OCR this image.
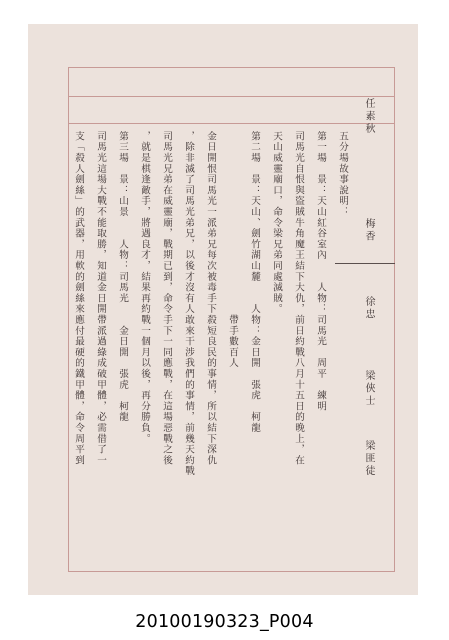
任素秋
梅香
徐忠
梁俠士
梁匪徒
五分場故事說明：
第一場　景：天山紅谷室內　　人物：司馬光　周平　練明
司馬光自恨與盜賊牛角魔王結下大仇，前日約戰八月十五日的晚上，在
天山威靈廟口，命令梁兄弟同處滅賊。
第二場　景：天山、劍竹湖山麓　　人物：金日開　張虎　柯龍
　　　　　　　　　　　　　　　　　帶手數百人
金日開恨司馬光一派弟兄每次被毒手下殺短良民的事情，所以結下深仇
，除非滅了司馬光弟兄，以後才沒有人敢來干涉我們的事情，前幾天約戰
司馬光兄弟在威靈廟，戰期已到，命令手下一同應戰，在這場惡戰之後
，就是棋逢敵手，將遇良才，結果再約戰一個月以後，再分勝負。
第三場　景：山景　　人物：司馬光　　金日開　張虎　柯龍
司馬光這場大戰不能取勝，知道金日開帶派過綠成破甲體，必需借了一
支「殺人劍絲」的武器，用軟的劍絲來應付最硬的鐵甲體，命令周平到
20100190323_P004
